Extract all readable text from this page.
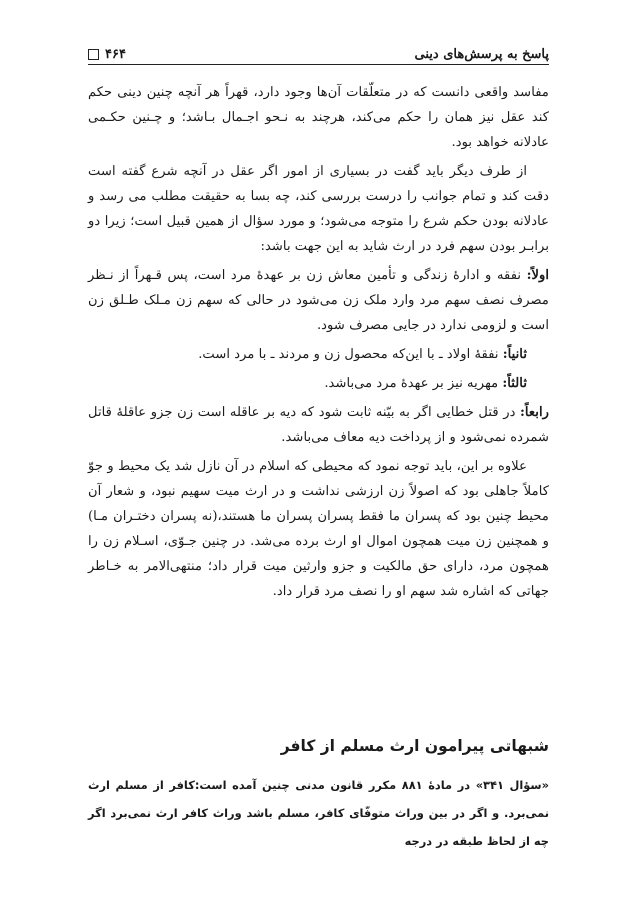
پاسخ به پرسش‌های دینی
۴۶۴

مفاسد واقعی دانست که در متعلّقات آن‌ها وجود دارد، قهراً هر آنچه چنین دینی حکم کند عقل نیز همان را حکم می‌کند، هرچند به نـحو اجـمال بـاشد؛ و چـنین حکـمی عادلانه خواهد بود.

از طرف دیگر باید گفت در بسیاری از امور اگر عقل در آنچه شرع گفته است دقت کند و تمام جوانب را درست بررسی کند، چه بسا به حقیقت مطلب می رسد و عادلانه بودن حکم شرع را متوجه می‌شود؛ و مورد سؤال از همین قبیل است؛ زیرا دو برابـر بودن سهم فرد در ارث شاید به این جهت باشد:

اولاً: نفقه و ادارهٔ زندگی و تأمین معاش زن بر عهدهٔ مرد است، پس قـهراً از نـظر مصرف نصف سهم مرد وارد ملک زن می‌شود در حالی که سهم زن مـلک طـلق زن است و لزومی ندارد در جایی مصرف شود.

ثانیاً: نفقهٔ اولاد ـ با این‌که محصول زن و مردند ـ با مرد است.

ثالثاً: مهریه نیز بر عهدهٔ مرد می‌باشد.

رابعاً: در قتل خطایی اگر به بیّنه ثابت شود که دیه بر عاقله است زن جزو عاقلهٔ قاتل شمرده نمی‌شود و از پرداخت دیه معاف می‌باشد.

علاوه بر این، باید توجه نمود که محیطی که اسلام در آن نازل شد یک محیط و جوّ کاملاً جاهلی بود که اصولاً زن ارزشی نداشت و در ارث میت سهیم نبود، و شعار آن محیط چنین بود که پسران ما فقط پسران پسران ما هستند،(نه پسران دختـران مـا) و همچنین زن میت همچون اموال او ارث برده می‌شد. در چنین جـوّی، اسـلام زن را همچون مرد، دارای حق مالکیت و جزو وارثین میت قرار داد؛ منتهی‌الامر به خـاطر جهاتی که اشاره شد سهم او را نصف مرد قرار داد.

شبهاتی پیرامون ارث مسلم از کافر
«سؤال ۳۴۱» در مادهٔ ۸۸۱ مکرر قانون مدنی چنین آمده است:کافر از مسلم ارث نمی‌برد. و اگر در بین وراث متوفّای کافر، مسلم باشد وراث کافر ارث نمی‌برد اگر چه از لحاظ طبقه در درجه
